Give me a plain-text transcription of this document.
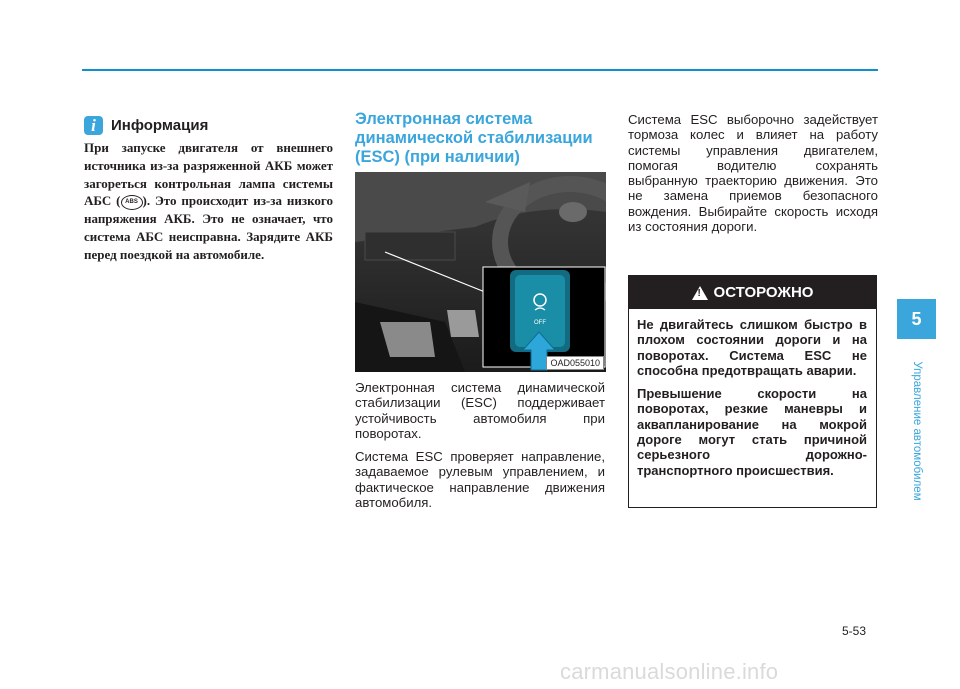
i	Информация
При запуске двигателя от внешнего источника из-за разряженной АКБ может загореться контрольная лампа системы АБС ( ABS ). Это происходит из-за низкого напряжения АКБ. Это не означает, что система АБС неисправна. Зарядите АКБ перед поездкой на автомобиле.
Электронная система динамической стабилизации (ESC) (при наличии)
OFF
OAD055010

Электронная система динамической стабилизации (ESC) поддерживает устойчивость автомобиля при поворотах.

Система ESC проверяет направление, задаваемое рулевым управлением, и фактическое направление движения автомобиля.

Система ESC выборочно задействует тормоза колес и влияет на работу системы управления двигателем, помогая водителю сохранять выбранную траекторию движения. Это не замена приемов безопасного вождения. Выбирайте скорость исходя из состояния дороги.

! ОСТОРОЖНО

Не двигайтесь слишком быстро в плохом состоянии дороги и на поворотах. Система ESC не способна предотвращать аварии.

Превышение скорости на поворотах, резкие маневры и аквапланирование на мокрой дороге могут стать причиной серьезного дорожно-транспортного происшествия.

5
Управление автомобилем
5-53
carmanualsonline.info
